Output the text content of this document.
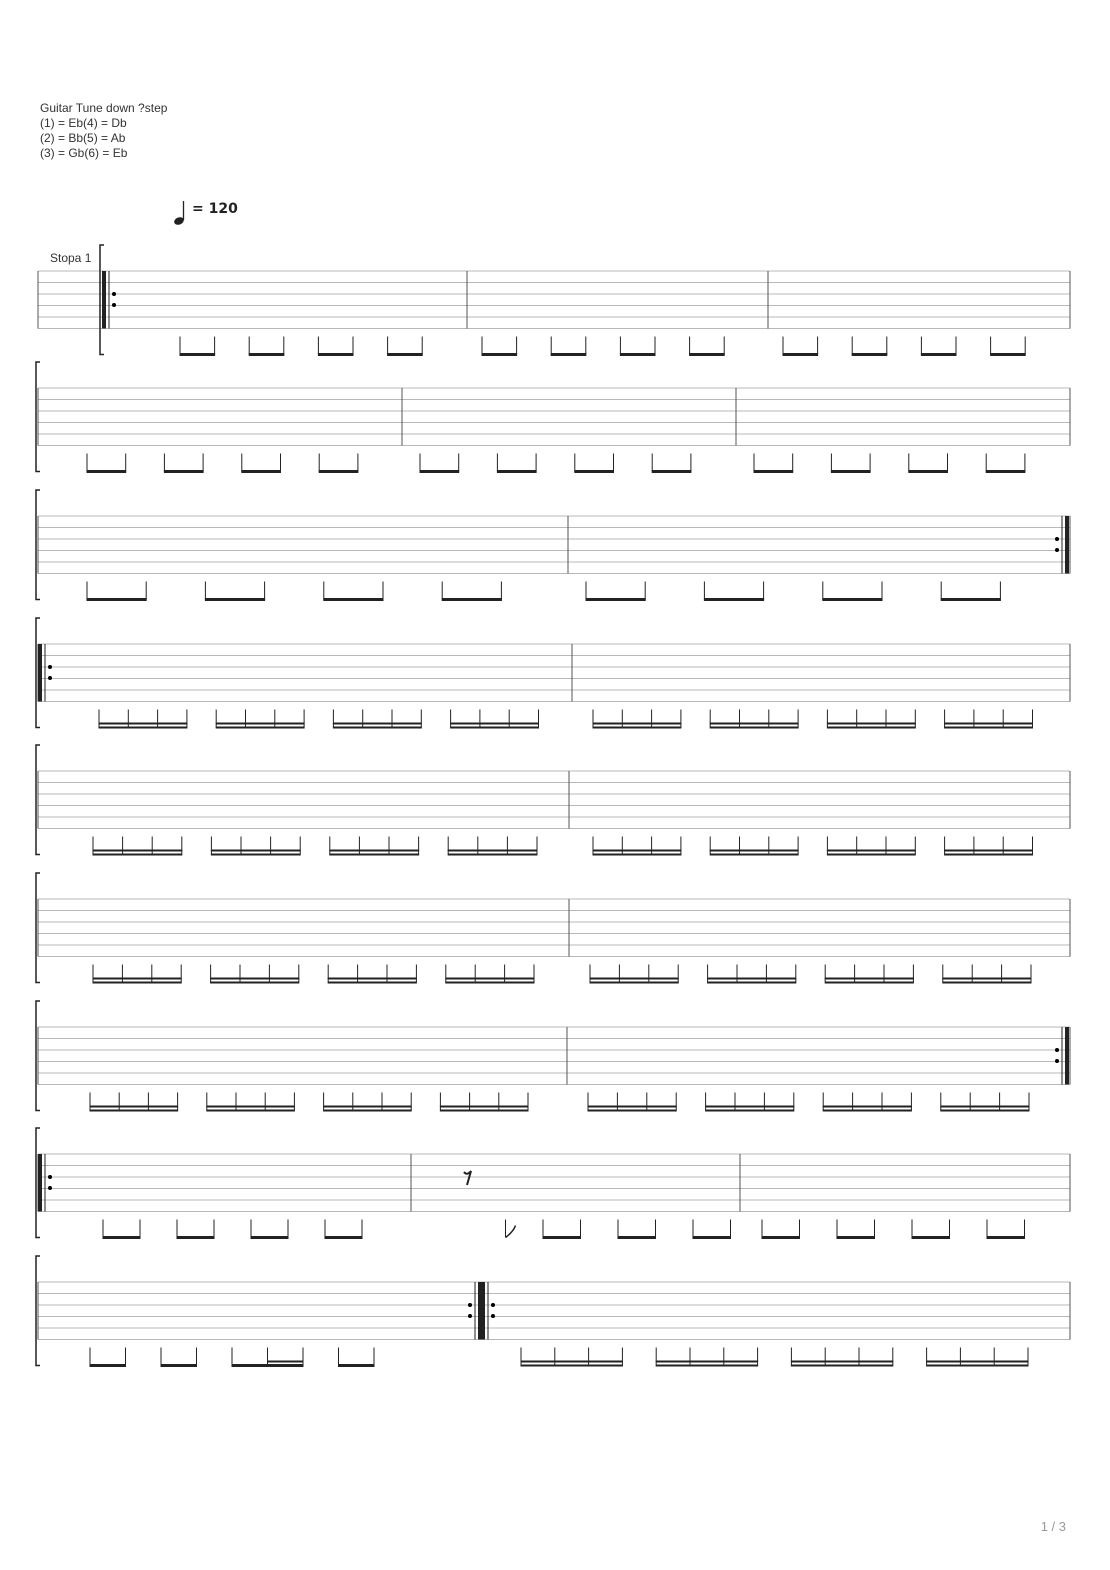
Guitar Tune down ?step
(1) = Eb(4) = Db
(2) = Bb(5) = Ab
(3) = Gb(6) = Eb
= 120
Stopa 1
1 / 3
